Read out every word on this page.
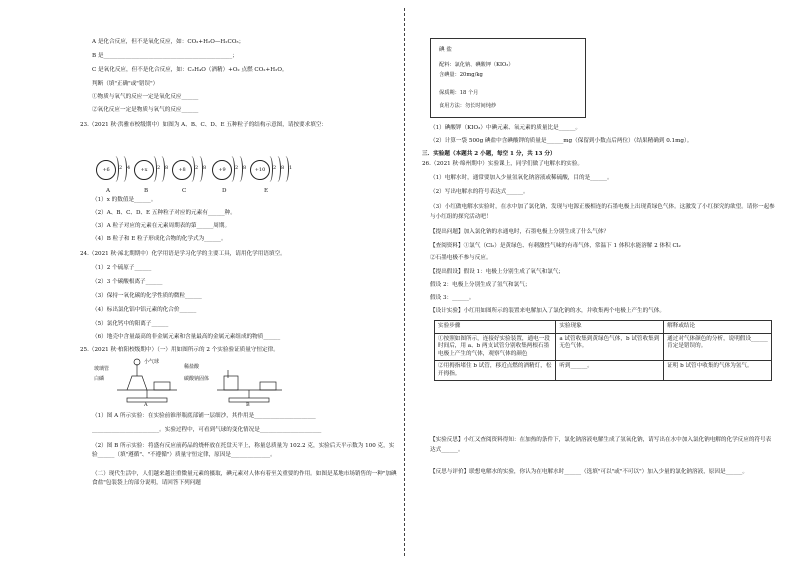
A 是化合反应，但不是氧化反应，如：CO₂+H₂O—H₂CO₃；
B 是______________________________________________；
C 是氧化反应，但不是化合反应，如：C₂H₄O（酒精）+O₂ 点燃 CO₂+H₂O。
判断（填"正确"或"错误"）
①物质与氧气的反应一定是氧化反应______
②氧化反应一定是物质与氧气的反应______
23.（2021 秋·洪雅市校级期中）如图为 A、B、C、D、E 五种粒子的结构示意图，请按要求填空：
+6	2 4	+x	2 8	+8	2 8	+9	2 8	+10	2 8 1
A	B	C	D	E
（1）x 的数值是______。
（2）A、B、C、D、E 五种粒子对应的元素有______种。
（3）A 粒子对应的元素在元素周期表的第______周期。
（4）B 粒子和 E 粒子形成化合物的化学式为______。
24.（2021 秋·浠北期期中）化学用语是学习化学的主要工具，请用化学用语填空。
（1）2 个硫原子______
（2）3 个碳酸根离子______
（3）保持一氧化碳的化学性质的微粒______
（4）标出氯化铝中铝元素的化合价______
（5）氯化钙中的阳离子______
（6）地壳中含量最高的非金属元素和含量最高的金属元素组成的物质______
25.（2021 秋·柏阳校级期中）（一）用如图所示的 2 个实验验证质量守恒定律。
小气球
玻璃管
白磷
稀盐酸
碳酸钠固体
A	B
（1）图 A 所示实验：在实验前锥形瓶底部铺一层细沙，其作用是______________________
________________________。实验过程中，可看到气球的变化情况是______________________
（2）图 B 所示实验：将盛有反应前药品的烧杯放在托盘天平上，称量总质量为 102.2 克，实验后天平示数为 100 克，实验______（填"遵循"、"不遵循"）质量守恒定律，原因是______________。
（二）现代生活中，人们越来越注重微量元素的摄取，碘元素对人体有着至关重要的作用。如图是某地市场销售的一种"加碘食盐"包装袋上的部分说明，请回答下列问题
碘 盐
配料：氯化钠、碘酸钾（KIO₃）
含碘量：20mg/kg
保质期：18 个月
食用方法：勿长时间炖炒
（1）碘酸钾（KIO₃）中碘元素、氧元素的质量比是______。
（2）计算一袋 500g 碘盐中含碘酸钾的质量是______mg（保留到小数点后两位）（结果精确到 0.1mg）。
三．实验题（本题共 2 小题，每空 1 分，共 13 分）
26.（2021 秋·绵州期中）实验课上，同学们做了电解水的实验。
（1）电解水时，通常要加入少量氢氧化钠溶液或稀硫酸，目的是______。
（2）写出电解水的符号表达式______。
（3）小红做电解水实验时，在水中加了氯化钠，发现与电源正极相连的石墨电极上出现黄绿色气体。这激发了小红探究的欲望。请你一起参与小红组的探究活动吧！
【提出问题】加入氯化钠的水通电时，石墨电极上分别生成了什么气体？
【查阅资料】①氯气（Cl₂）是黄绿色、有刺激性气味的有毒气体，常温下 1 体积水能溶解 2 体积 Cl₂
②石墨电极不参与反应。
【提出假设】假设 1：电极上分别生成了氧气和氯气；
假设 2：电极上分别生成了氢气和氯气；
假设 3：______。
【设计实验】小红用如图所示的装置来电解加入了氯化钠的水，并收集两个电极上产生的气体。
实验步骤	实验现象	解释或结论
①按照如图所示，连接好实验装置，通电一段时间后，用 a、b 两支试管分别收集两根石墨电极上产生的气体，观察气体的颜色	a 试管收集到黄绿色气体，b 试管收集到无色气体。	通过对气体颜色的分析，说明假设______肯定是错误的。
②用拇指堵住 b 试管，移近点燃的酒精灯，松开拇指。	听到______。	证明 b 试管中收集的气体为氢气。
【实验反思】小红又查阅资料得知：在加热的条件下，氯化钠溶液电解生成了氢氧化钠，请写出在水中加入氯化钠电解的化学反应的符号表达式______。
【反思与评价】联想电解水的实验，你认为在电解水时______（选填"可以"或"不可以"）加入少量的氯化钠溶液，原因是______。
